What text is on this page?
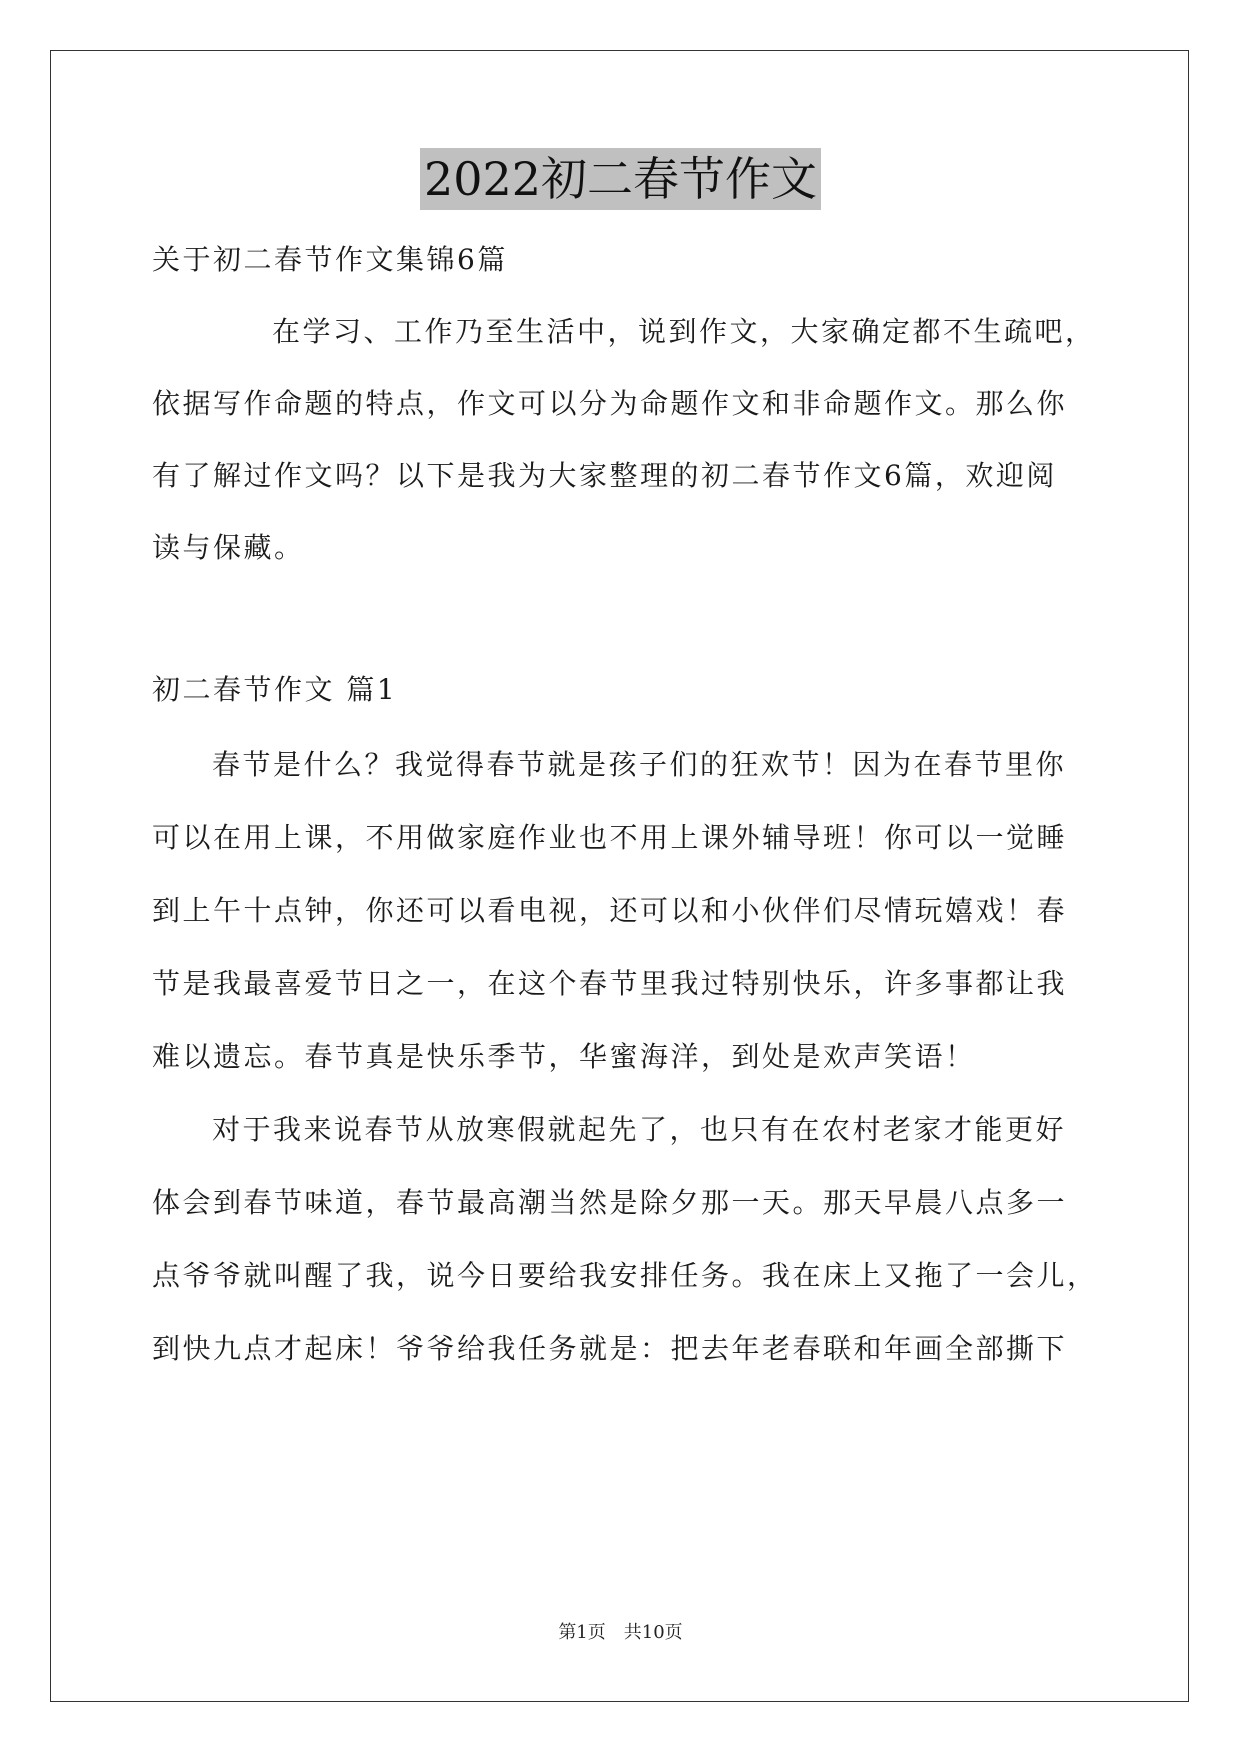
2022初二春节作文
关于初二春节作文集锦6篇
在学习、工作乃至生活中，说到作文，大家确定都不生疏吧，
依据写作命题的特点，作文可以分为命题作文和非命题作文。那么你
有了解过作文吗？以下是我为大家整理的初二春节作文6篇，欢迎阅
读与保藏。
初二春节作文 篇1
春节是什么？我觉得春节就是孩子们的狂欢节！因为在春节里你
可以在用上课，不用做家庭作业也不用上课外辅导班！你可以一觉睡
到上午十点钟，你还可以看电视，还可以和小伙伴们尽情玩嬉戏！春
节是我最喜爱节日之一，在这个春节里我过特别快乐，许多事都让我
难以遗忘。春节真是快乐季节，华蜜海洋，到处是欢声笑语！
对于我来说春节从放寒假就起先了，也只有在农村老家才能更好
体会到春节味道，春节最高潮当然是除夕那一天。那天早晨八点多一
点爷爷就叫醒了我，说今日要给我安排任务。我在床上又拖了一会儿，
到快九点才起床！爷爷给我任务就是：把去年老春联和年画全部撕下
第1页　共10页
